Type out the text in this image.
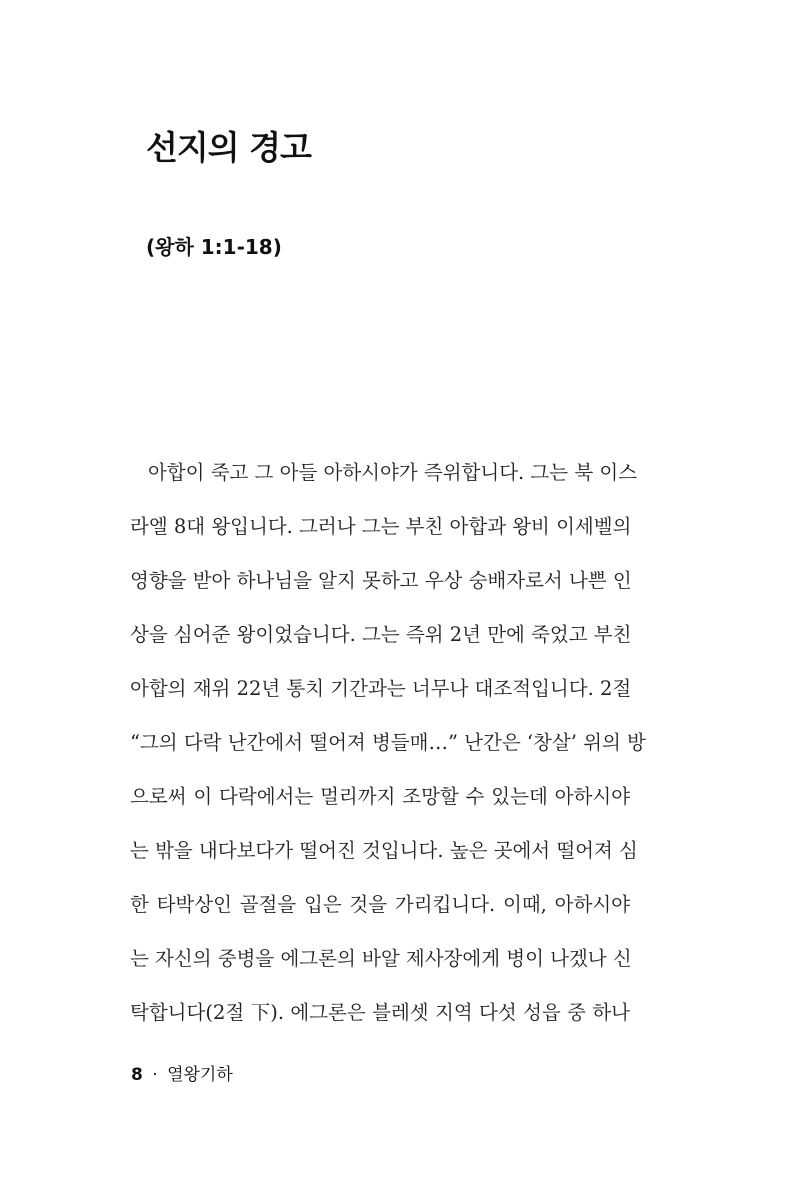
선지의 경고
(왕하 1:1-18)
아합이 죽고 그 아들 아하시야가 즉위합니다. 그는 북 이스
라엘 8대 왕입니다. 그러나 그는 부친 아합과 왕비 이세벨의
영향을 받아 하나님을 알지 못하고 우상 숭배자로서 나쁜 인
상을 심어준 왕이었습니다. 그는 즉위 2년 만에 죽었고 부친
아합의 재위 22년 통치 기간과는 너무나 대조적입니다. 2절
“그의 다락 난간에서 떨어져 병들매…” 난간은 ‘창살’ 위의 방
으로써 이 다락에서는 멀리까지 조망할 수 있는데 아하시야
는 밖을 내다보다가 떨어진 것입니다. 높은 곳에서 떨어져 심
한 타박상인 골절을 입은 것을 가리킵니다. 이때, 아하시야
는 자신의 중병을 에그론의 바알 제사장에게 병이 나겠나 신
탁합니다(2절 下). 에그론은 블레셋 지역 다섯 성읍 중 하나
8 · 열왕기하
